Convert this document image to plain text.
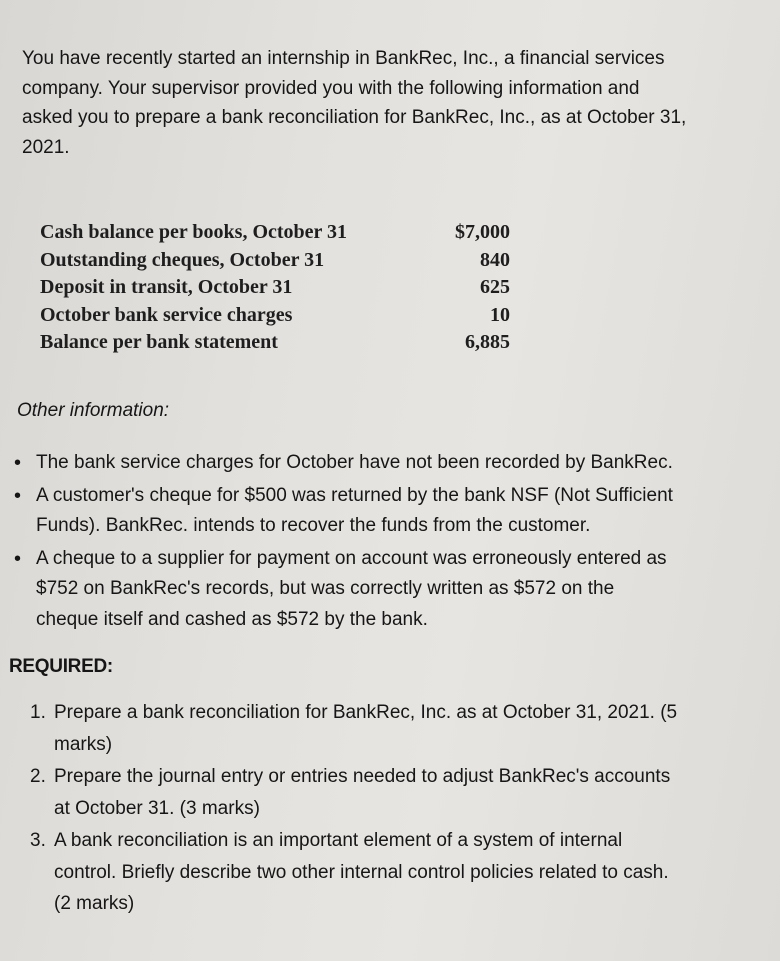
You have recently started an internship in BankRec, Inc., a financial services
company. Your supervisor provided you with the following information and
asked you to prepare a bank reconciliation for BankRec, Inc., as at October 31,
2021.
Cash balance per books, October 31	$7,000
Outstanding cheques, October 31	840
Deposit in transit, October 31	625
October bank service charges	10
Balance per bank statement	6,885
Other information:
• The bank service charges for October have not been recorded by BankRec.
• A customer's cheque for $500 was returned by the bank NSF (Not Sufficient
Funds). BankRec. intends to recover the funds from the customer.
• A cheque to a supplier for payment on account was erroneously entered as
$752 on BankRec's records, but was correctly written as $572 on the
cheque itself and cashed as $572 by the bank.
REQUIRED:
1. Prepare a bank reconciliation for BankRec, Inc. as at October 31, 2021. (5
marks)
2. Prepare the journal entry or entries needed to adjust BankRec's accounts
at October 31. (3 marks)
3. A bank reconciliation is an important element of a system of internal
control. Briefly describe two other internal control policies related to cash.
(2 marks)
